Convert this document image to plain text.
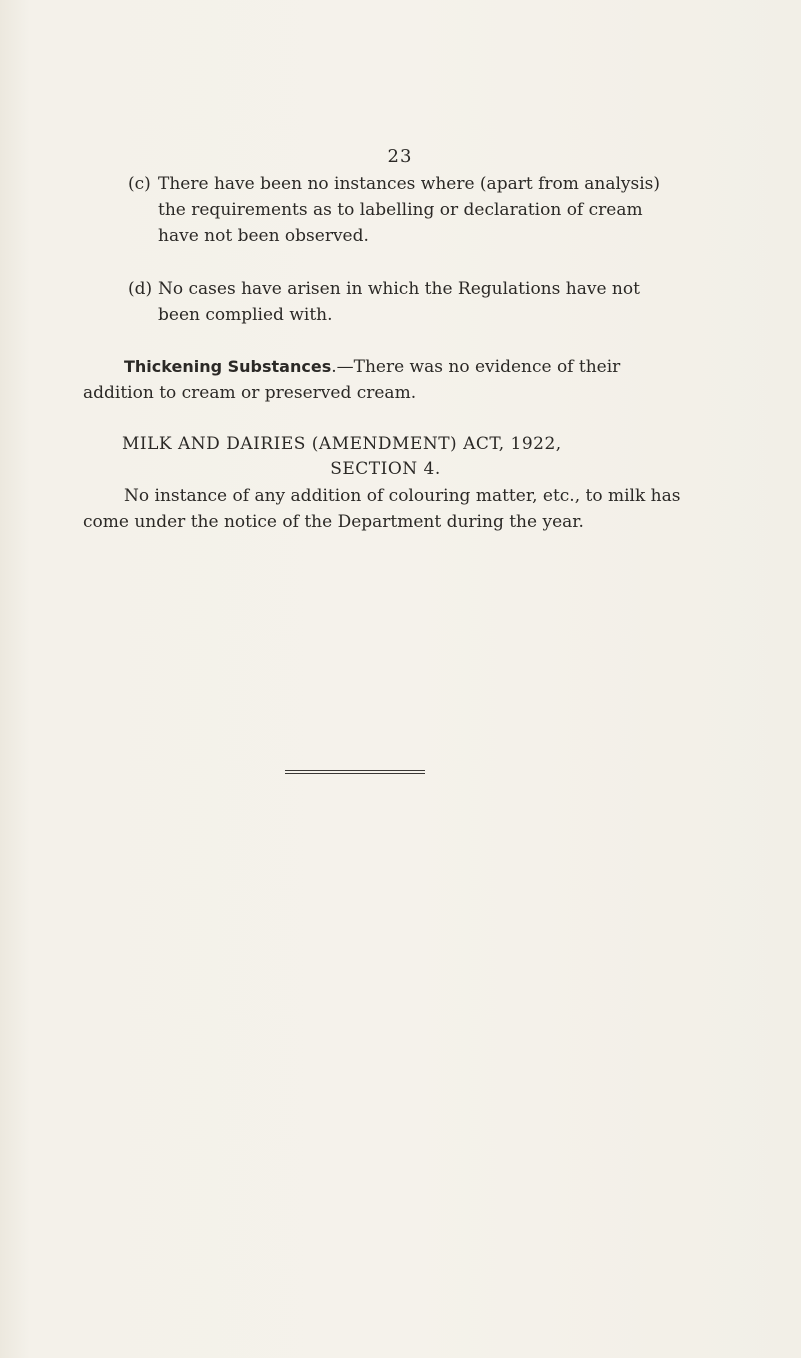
23
(c) There have been no instances where (apart from analysis)
the requirements as to labelling or declaration of cream have not been observed.
(d) No cases have arisen in which the Regulations have not
been complied with.
Thickening Substances.—There was no evidence of their addition to cream or preserved cream.
MILK AND DAIRIES (AMENDMENT) ACT, 1922,
SECTION 4.
No instance of any addition of colouring matter, etc., to milk has come under the notice of the Department during the year.
